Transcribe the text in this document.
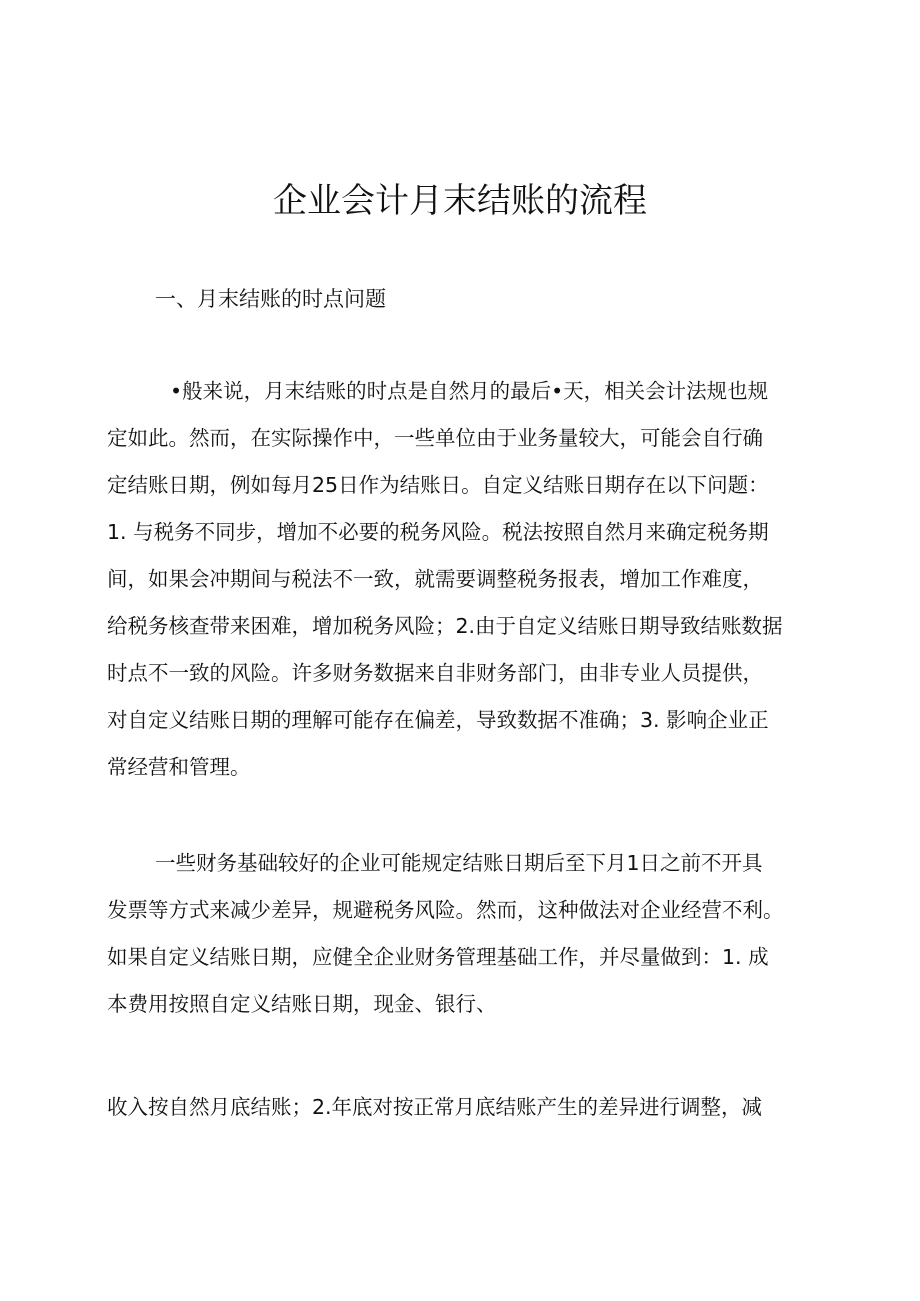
企业会计月末结账的流程
一、月末结账的时点问题

•般来说，月末结账的时点是自然月的最后•天，相关会计法规也规

定如此。然而，在实际操作中，一些单位由于业务量较大，可能会自行确

定结账日期，例如每月25日作为结账日。自定义结账日期存在以下问题：

1. 与税务不同步，增加不必要的税务风险。税法按照自然月来确定税务期

间，如果会冲期间与税法不一致，就需要调整税务报表，增加工作难度，

给税务核查带来困难，增加税务风险；2.由于自定义结账日期导致结账数据

时点不一致的风险。许多财务数据来自非财务部门，由非专业人员提供，

对自定义结账日期的理解可能存在偏差，导致数据不准确；3. 影响企业正

常经营和管理。

一些财务基础较好的企业可能规定结账日期后至下月1日之前不开具

发票等方式来减少差异，规避税务风险。然而，这种做法对企业经营不利。

如果自定义结账日期，应健全企业财务管理基础工作，并尽量做到：1. 成

本费用按照自定义结账日期，现金、银行、

收入按自然月底结账；2.年底对按正常月底结账产生的差异进行调整，减
